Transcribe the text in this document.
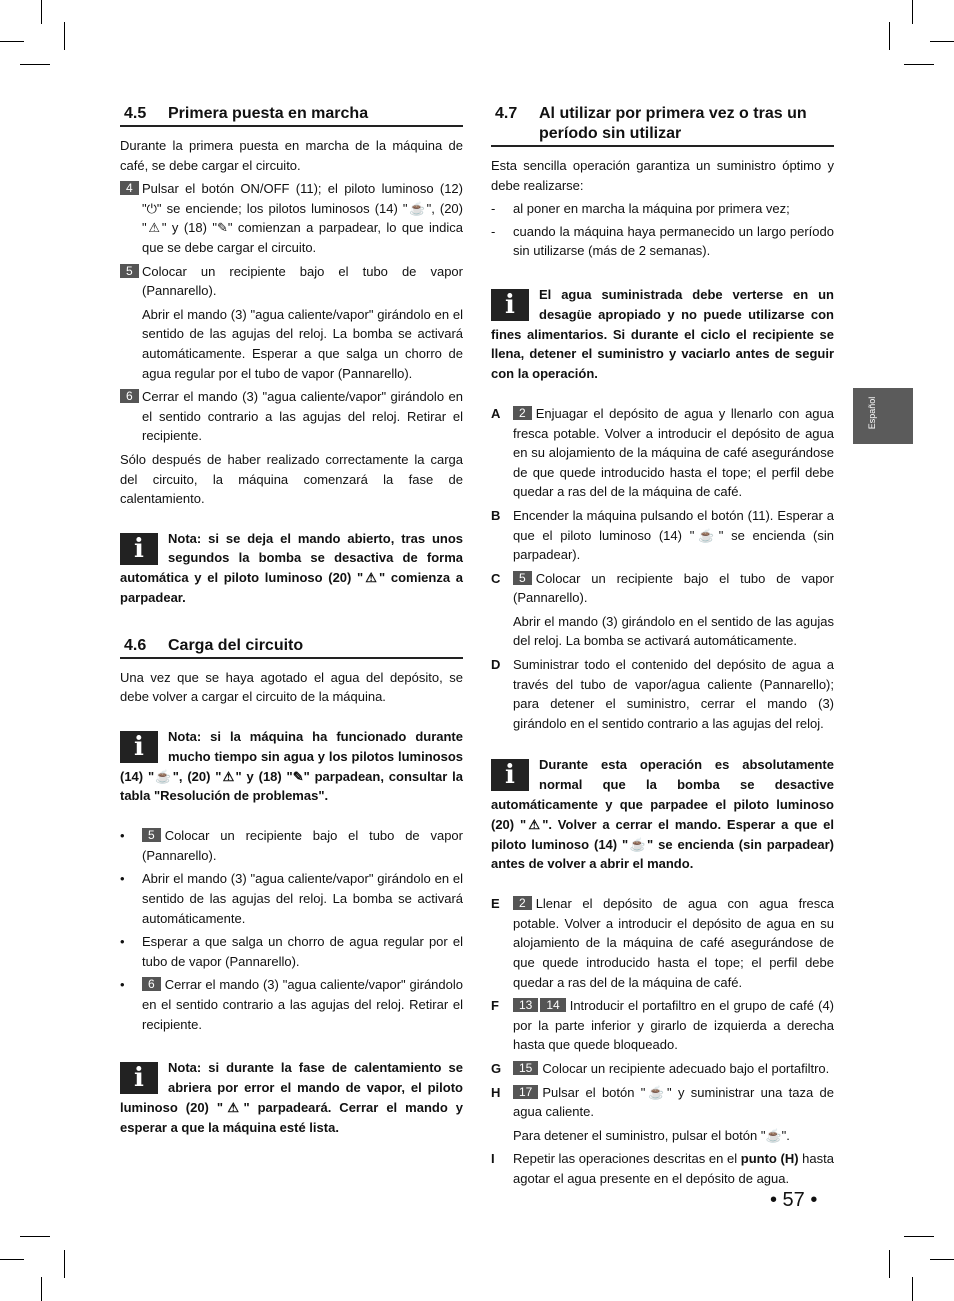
4.5	Primera puesta en marcha

Durante la primera puesta en marcha de la máquina de café, se debe cargar el circuito.

4 Pulsar el botón ON/OFF (11); el piloto luminoso (12) "⏻" se enciende; los pilotos luminosos (14) "☕", (20) "⚠" y (18) "✎" comienzan a parpadear, lo que indica que se debe cargar el circuito.
5 Colocar un recipiente bajo el tubo de vapor (Pannarello).
Abrir el mando (3) "agua caliente/vapor" girándolo en el sentido de las agujas del reloj. La bomba se activará automáticamente. Esperar a que salga un chorro de agua regular por el tubo de vapor (Pannarello).
6 Cerrar el mando (3) "agua caliente/vapor" girándolo en el sentido contrario a las agujas del reloj. Retirar el recipiente.

Sólo después de haber realizado correctamente la carga del circuito, la máquina comenzará la fase de calentamiento.

i	Nota: si se deja el mando abierto, tras unos segundos la bomba se desactiva de forma automática y el piloto luminoso (20) "⚠" comienza a parpadear.
4.6	Carga del circuito

Una vez que se haya agotado el agua del depósito, se debe volver a cargar el circuito de la máquina.

i	Nota: si la máquina ha funcionado durante mucho tiempo sin agua y los pilotos luminosos (14) "☕", (20) "⚠" y (18) "✎" parpadean, consultar la tabla "Resolución de problemas".
•	5 Colocar un recipiente bajo el tubo de vapor (Pannarello).
•	Abrir el mando (3) "agua caliente/vapor" girándolo en el sentido de las agujas del reloj. La bomba se activará automáticamente.
•	Esperar a que salga un chorro de agua regular por el tubo de vapor (Pannarello).
•	6 Cerrar el mando (3) "agua caliente/vapor" girándolo en el sentido contrario a las agujas del reloj. Retirar el recipiente.
i	Nota: si durante la fase de calentamiento se abriera por error el mando de vapor, el piloto luminoso (20) "⚠" parpadeará. Cerrar el mando y esperar a que la máquina esté lista.
4.7	Al utilizar por primera vez o tras un período sin utilizar

Esta sencilla operación garantiza un suministro óptimo y debe realizarse:

-	al poner en marcha la máquina por primera vez;
-	cuando la máquina haya permanecido un largo período sin utilizarse (más de 2 semanas).
i	El agua suministrada debe verterse en un desagüe apropiado y no puede utilizarse con fines alimentarios. Si durante el ciclo el recipiente se llena, detener el suministro y vaciarlo antes de seguir con la operación.
A	2 Enjuagar el depósito de agua y llenarlo con agua fresca potable. Volver a introducir el depósito de agua en su alojamiento de la máquina de café asegurándose de que quede introducido hasta el tope; el perfil debe quedar a ras del de la máquina de café.
B Encender la máquina pulsando el botón (11). Esperar a que el piloto luminoso (14) "☕" se encienda (sin parpadear).
C	5 Colocar un recipiente bajo el tubo de vapor (Pannarello).
Abrir el mando (3) girándolo en el sentido de las agujas del reloj. La bomba se activará automáticamente.
D Suministrar todo el contenido del depósito de agua a través del tubo de vapor/agua caliente (Pannarello); para detener el suministro, cerrar el mando (3) girándolo en el sentido contrario a las agujas del reloj.
i	Durante esta operación es absolutamente normal que la bomba se desactive automáticamente y que parpadee el piloto luminoso (20) "⚠". Volver a cerrar el mando. Esperar a que el piloto luminoso (14) "☕" se encienda (sin parpadear) antes de volver a abrir el mando.
E	2 Llenar el depósito de agua con agua fresca potable. Volver a introducir el depósito de agua en su alojamiento de la máquina de café asegurándose de que quede introducido hasta el tope; el perfil debe quedar a ras del de la máquina de café.
F	13 14 Introducir el portafiltro en el grupo de café (4) por la parte inferior y girarlo de izquierda a derecha hasta que quede bloqueado.
G	15 Colocar un recipiente adecuado bajo el portafiltro.
H	17 Pulsar el botón "☕" y suministrar una taza de agua caliente.
Para detener el suministro, pulsar el botón "☕".
I	Repetir las operaciones descritas en el punto (H) hasta agotar el agua presente en el depósito de agua.
Español
• 57 •
